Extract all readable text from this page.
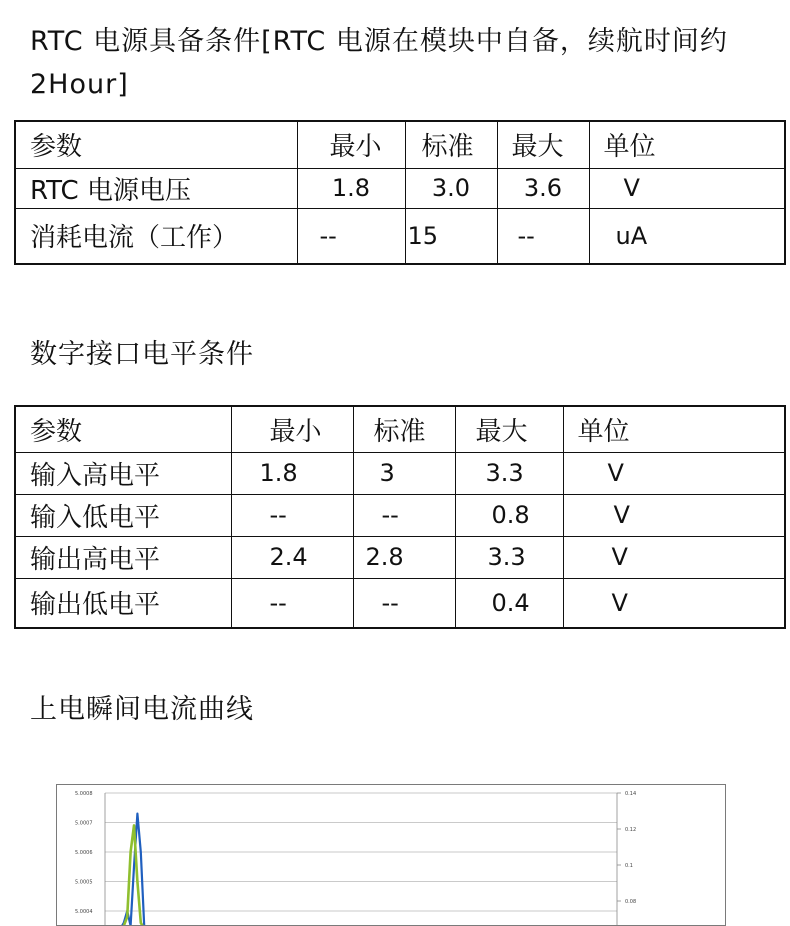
RTC 电源具备条件[RTC 电源在模块中自备，续航时间约2Hour]
参数	最小	标准	最大	单位
RTC 电源电压	1.8	3.0	3.6	V
消耗电流（工作）	--	15	--	uA
数字接口电平条件
参数	最小	标准	最大	单位
输入高电平	1.8	3	3.3	V
输入低电平	--	--	0.8	V
输出高电平	2.4	2.8	3.3	V
输出低电平	--	--	0.4	V
上电瞬间电流曲线
5.0008
5.0007
5.0006
5.0005
5.0004
0.14
0.12
0.1
0.08
